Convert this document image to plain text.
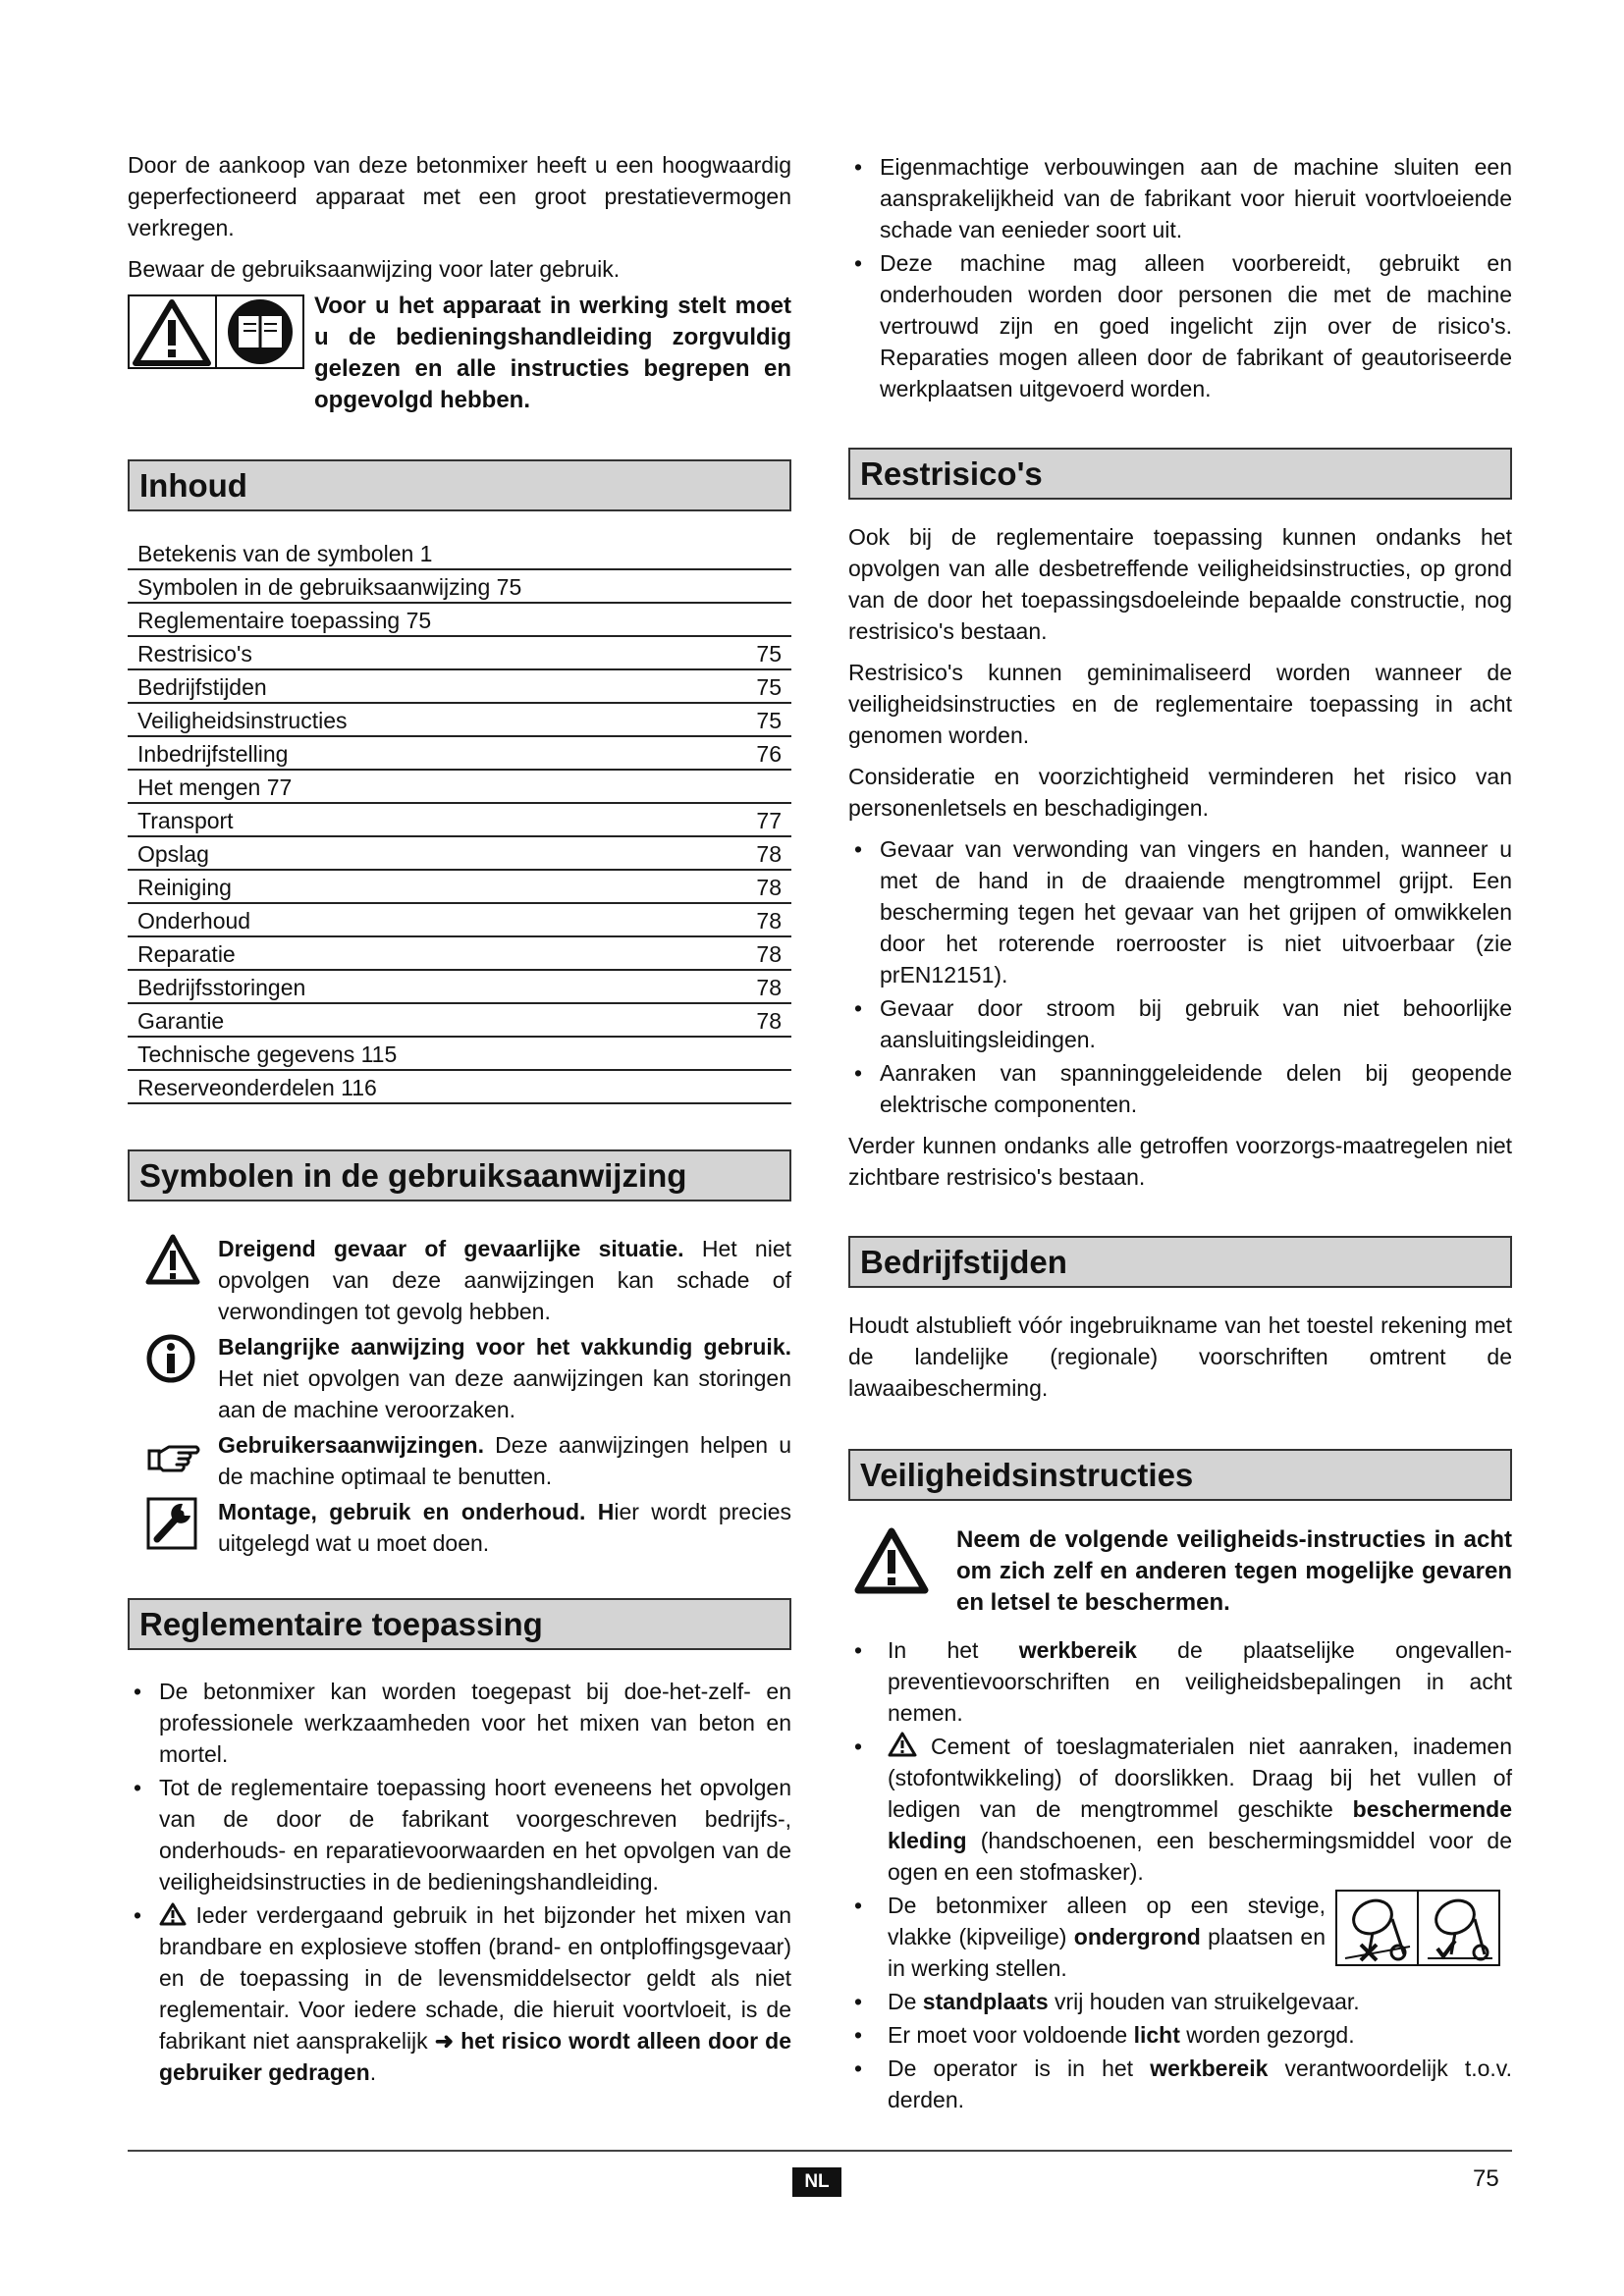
Door de aankoop van deze betonmixer heeft u een hoogwaardig geperfectioneerd apparaat met een groot prestatievermogen verkregen.

Bewaar de gebruiksaanwijzing voor later gebruik.

Voor u het apparaat in werking stelt moet u de bedieningshandleiding zorgvuldig gelezen en alle instructies begrepen en opgevolgd hebben.
Inhoud
Betekenis van de symbolen 1
Symbolen in de gebruiksaanwijzing 75
Reglementaire toepassing 75
Restrisico's	75
Bedrijfstijden	75
Veiligheidsinstructies	75
Inbedrijfstelling	76
Het mengen 77
Transport	77
Opslag	78
Reiniging	78
Onderhoud	78
Reparatie	78
Bedrijfsstoringen	78
Garantie	78
Technische gegevens 115
Reserveonderdelen 116
Symbolen in de gebruiksaanwijzing
Dreigend gevaar of gevaarlijke situatie. Het niet opvolgen van deze aanwijzingen kan schade of verwondingen tot gevolg hebben.
Belangrijke aanwijzing voor het vakkundig gebruik. Het niet opvolgen van deze aanwijzingen kan storingen aan de machine veroorzaken.
Gebruikersaanwijzingen. Deze aanwijzingen helpen u de machine optimaal te benutten.
Montage, gebruik en onderhoud. Hier wordt precies uitgelegd wat u moet doen.
Reglementaire toepassing
• De betonmixer kan worden toegepast bij doe-het-zelf- en professionele werkzaamheden voor het mixen van beton en mortel.
• Tot de reglementaire toepassing hoort eveneens het opvolgen van de door de fabrikant voorgeschreven bedrijfs-, onderhouds- en reparatievoorwaarden en het opvolgen van de veiligheidsinstructies in de bedieningshandleiding.
• Ieder verdergaand gebruik in het bijzonder het mixen van brandbare en explosieve stoffen (brand- en ontploffingsgevaar) en de toepassing in de levensmiddelsector geldt als niet reglementair. Voor iedere schade, die hieruit voortvloeit, is de fabrikant niet aansprakelijk ➜ het risico wordt alleen door de gebruiker gedragen.
• Eigenmachtige verbouwingen aan de machine sluiten een aansprakelijkheid van de fabrikant voor hieruit voortvloeiende schade van eenieder soort uit.
• Deze machine mag alleen voorbereidt, gebruikt en onderhouden worden door personen die met de machine vertrouwd zijn en goed ingelicht zijn over de risico's. Reparaties mogen alleen door de fabrikant of geautoriseerde werkplaatsen uitgevoerd worden.
Restrisico's

Ook bij de reglementaire toepassing kunnen ondanks het opvolgen van alle desbetreffende veiligheidsinstructies, op grond van de door het toepassingsdoeleinde bepaalde constructie, nog restrisico's bestaan.

Restrisico's kunnen geminimaliseerd worden wanneer de veiligheidsinstructies en de reglementaire toepassing in acht genomen worden.

Consideratie en voorzichtigheid verminderen het risico van personenletsels en beschadigingen.

• Gevaar van verwonding van vingers en handen, wanneer u met de hand in de draaiende mengtrommel grijpt. Een bescherming tegen het gevaar van het grijpen of omwikkelen door het roterende roerrooster is niet uitvoerbaar (zie prEN12151).
• Gevaar door stroom bij gebruik van niet behoorlijke aansluitingsleidingen.
• Aanraken van spanninggeleidende delen bij geopende elektrische componenten.

Verder kunnen ondanks alle getroffen voorzorgs-maatregelen niet zichtbare restrisico's bestaan.

Bedrijfstijden

Houdt alstublieft vóór ingebruikname van het toestel rekening met de landelijke (regionale) voorschriften omtrent de lawaaibescherming.

Veiligheidsinstructies
Neem de volgende veiligheids-instructies in acht om zich zelf en anderen tegen mogelijke gevaren en letsel te beschermen.
• In het werkbereik de plaatselijke ongevallen-preventievoorschriften en veiligheidsbepalingen in acht nemen.
• Cement of toeslagmaterialen niet aanraken, inademen (stofontwikkeling) of doorslikken. Draag bij het vullen of ledigen van de mengtrommel geschikte beschermende kleding (handschoenen, een beschermingsmiddel voor de ogen en een stofmasker).
• De betonmixer alleen op een stevige, vlakke (kipveilige) ondergrond plaatsen en in werking stellen.
• De standplaats vrij houden van struikelgevaar.
• Er moet voor voldoende licht worden gezorgd.
• De operator is in het werkbereik verantwoordelijk t.o.v. derden.
NL	75
